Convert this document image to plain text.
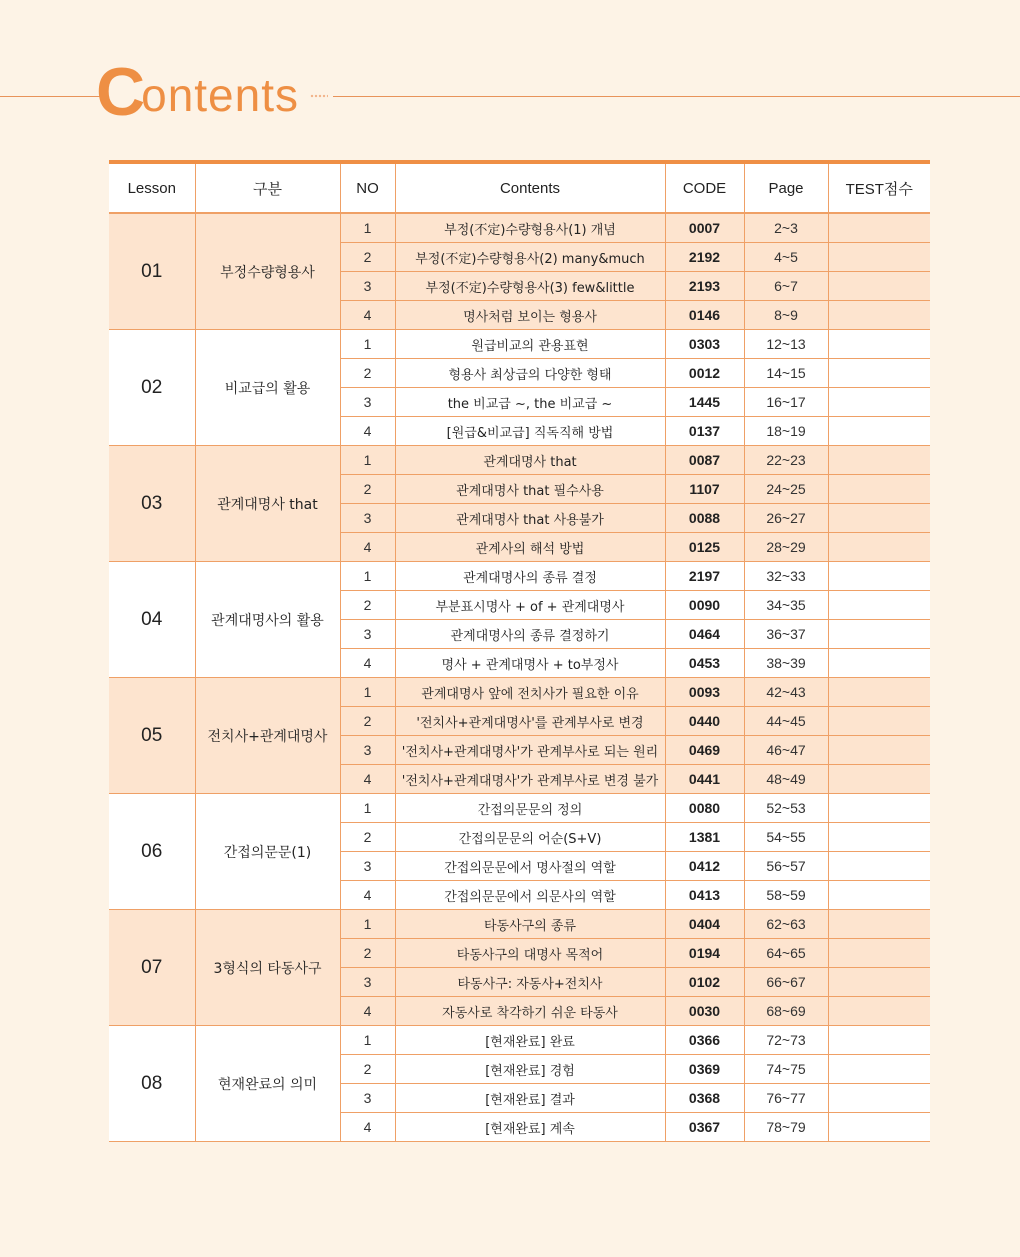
C
ontents
Lesson	구분	NO	Contents	CODE	Page	TEST점수
01	부정수량형용사	1	부정(不定)수량형용사(1) 개념	0007	2~3	
		2	부정(不定)수량형용사(2) many&much	2192	4~5	
		3	부정(不定)수량형용사(3) few&little	2193	6~7	
		4	명사처럼 보이는 형용사	0146	8~9	
02	비교급의 활용	1	원급비교의 관용표현	0303	12~13	
		2	형용사 최상급의 다양한 형태	0012	14~15	
		3	the 비교급 ~, the 비교급 ~	1445	16~17	
		4	[원급&비교급] 직독직해 방법	0137	18~19	
03	관계대명사 that	1	관계대명사 that	0087	22~23	
		2	관계대명사 that 필수사용	1107	24~25	
		3	관계대명사 that 사용불가	0088	26~27	
		4	관계사의 해석 방법	0125	28~29	
04	관계대명사의 활용	1	관계대명사의 종류 결정	2197	32~33	
		2	부분표시명사 + of + 관계대명사	0090	34~35	
		3	관계대명사의 종류 결정하기	0464	36~37	
		4	명사 + 관계대명사 + to부정사	0453	38~39	
05	전치사+관계대명사	1	관계대명사 앞에 전치사가 필요한 이유	0093	42~43	
		2	'전치사+관계대명사'를 관계부사로 변경	0440	44~45	
		3	'전치사+관계대명사'가 관계부사로 되는 원리	0469	46~47	
		4	'전치사+관계대명사'가 관계부사로 변경 불가	0441	48~49	
06	간접의문문(1)	1	간접의문문의 정의	0080	52~53	
		2	간접의문문의 어순(S+V)	1381	54~55	
		3	간접의문문에서 명사절의 역할	0412	56~57	
		4	간접의문문에서 의문사의 역할	0413	58~59	
07	3형식의 타동사구	1	타동사구의 종류	0404	62~63	
		2	타동사구의 대명사 목적어	0194	64~65	
		3	타동사구: 자동사+전치사	0102	66~67	
		4	자동사로 착각하기 쉬운 타동사	0030	68~69	
08	현재완료의 의미	1	[현재완료] 완료	0366	72~73	
		2	[현재완료] 경험	0369	74~75	
		3	[현재완료] 결과	0368	76~77	
		4	[현재완료] 계속	0367	78~79	
